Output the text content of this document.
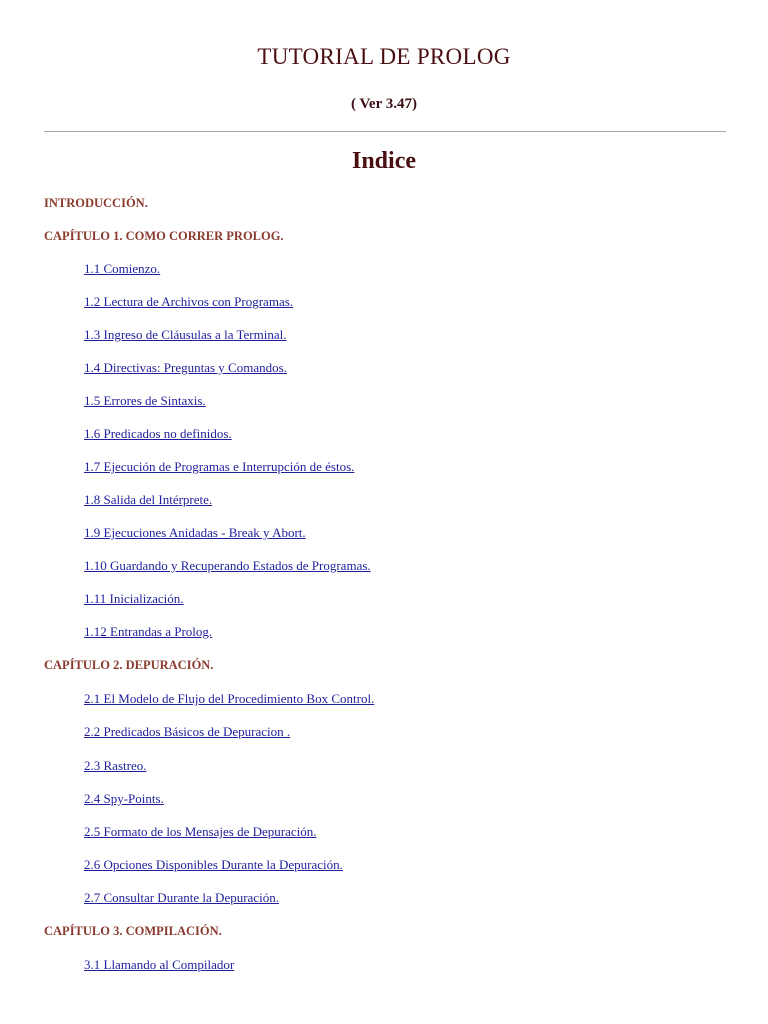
TUTORIAL DE PROLOG
( Ver 3.47)
Indice
INTRODUCCIÓN.
CAPÍTULO 1. COMO CORRER PROLOG.
1.1 Comienzo.
1.2 Lectura de Archivos con Programas.
1.3 Ingreso de Cláusulas a la Terminal.
1.4 Directivas: Preguntas y Comandos.
1.5 Errores de Sintaxis.
1.6 Predicados no definidos.
1.7 Ejecución de Programas e Interrupción de éstos.
1.8 Salida del Intérprete.
1.9 Ejecuciones Anidadas - Break y Abort.
1.10 Guardando y Recuperando Estados de Programas.
1.11 Inicialización.
1.12 Entrandas a Prolog.
CAPÍTULO 2. DEPURACIÓN.
2.1 El Modelo de Flujo del Procedimiento Box Control.
2.2 Predicados Básicos de Depuracion .
2.3 Rastreo.
2.4 Spy-Points.
2.5 Formato de los Mensajes de Depuración.
2.6 Opciones Disponibles Durante la Depuración.
2.7 Consultar Durante la Depuración.
CAPÍTULO 3. COMPILACIÓN.
3.1 Llamando al Compilador
